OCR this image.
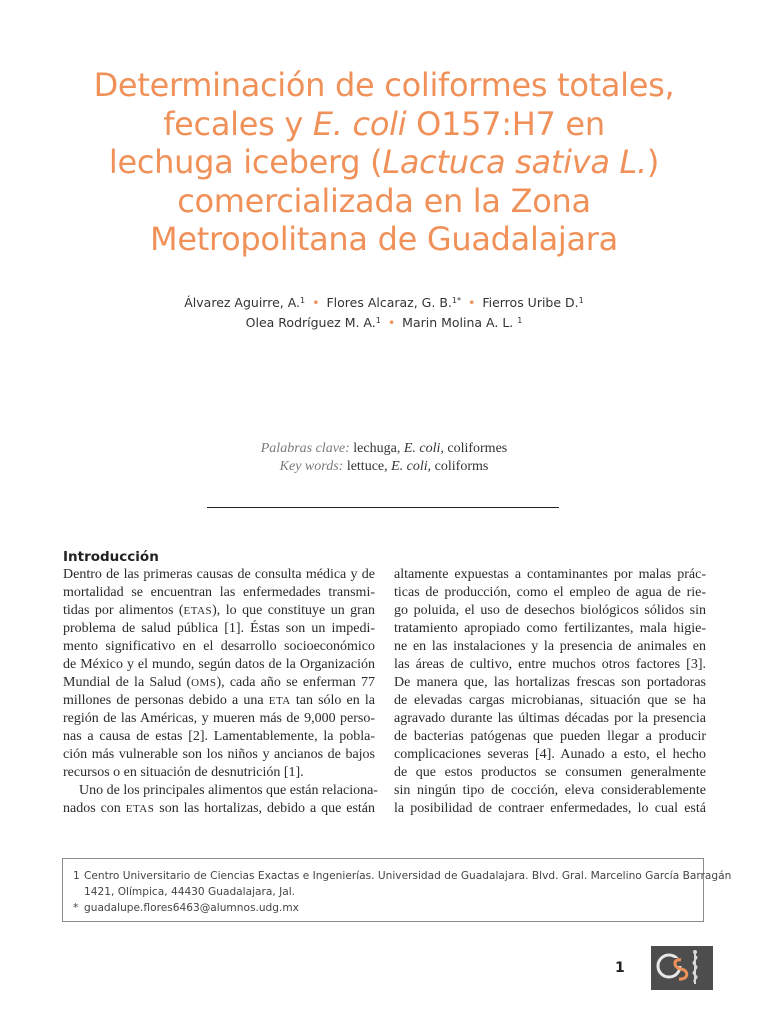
Determinación de coliformes totales,
fecales y E. coli O157:H7 en
lechuga iceberg (Lactuca sativa L.)
comercializada en la Zona
Metropolitana de Guadalajara
Álvarez Aguirre, A.$^1$ • Flores Alcaraz, G. B.$^{1*}$ • Fierros Uribe D.$^1$
Olea Rodríguez M. A.$^1$ • Marin Molina A. L. $^1$
Palabras clave: lechuga, E. coli, coliformes
Key words: lettuce, E. coli, coliforms
Introducción
Dentro de las primeras causas de consulta médica y de
mortalidad se encuentran las enfermedades transmi-
tidas por alimentos (ETAS), lo que constituye un gran
problema de salud pública [1]. Éstas son un impedi-
mento significativo en el desarrollo socioeconómico
de México y el mundo, según datos de la Organización
Mundial de la Salud (OMS), cada año se enferman 77
millones de personas debido a una ETA tan sólo en la
región de las Américas, y mueren más de 9,000 perso-
nas a causa de estas [2]. Lamentablemente, la pobla-
ción más vulnerable son los niños y ancianos de bajos
recursos o en situación de desnutrición [1].
Uno de los principales alimentos que están relaciona-
nados con ETAS son las hortalizas, debido a que están
altamente expuestas a contaminantes por malas prác-
ticas de producción, como el empleo de agua de rie-
go poluida, el uso de desechos biológicos sólidos sin
tratamiento apropiado como fertilizantes, mala higie-
ne en las instalaciones y la presencia de animales en
las áreas de cultivo, entre muchos otros factores [3].
De manera que, las hortalizas frescas son portadoras
de elevadas cargas microbianas, situación que se ha
agravado durante las últimas décadas por la presencia
de bacterias patógenas que pueden llegar a producir
complicaciones severas [4]. Aunado a esto, el hecho
de que estos productos se consumen generalmente
sin ningún tipo de cocción, eleva considerablemente
la posibilidad de contraer enfermedades, lo cual está
1 Centro Universitario de Ciencias Exactas e Ingenierías. Universidad de Guadalajara. Blvd. Gral. Marcelino García Barragán
1421, Olímpica, 44430 Guadalajara, Jal.
* guadalupe.flores6463@alumnos.udg.mx
1
